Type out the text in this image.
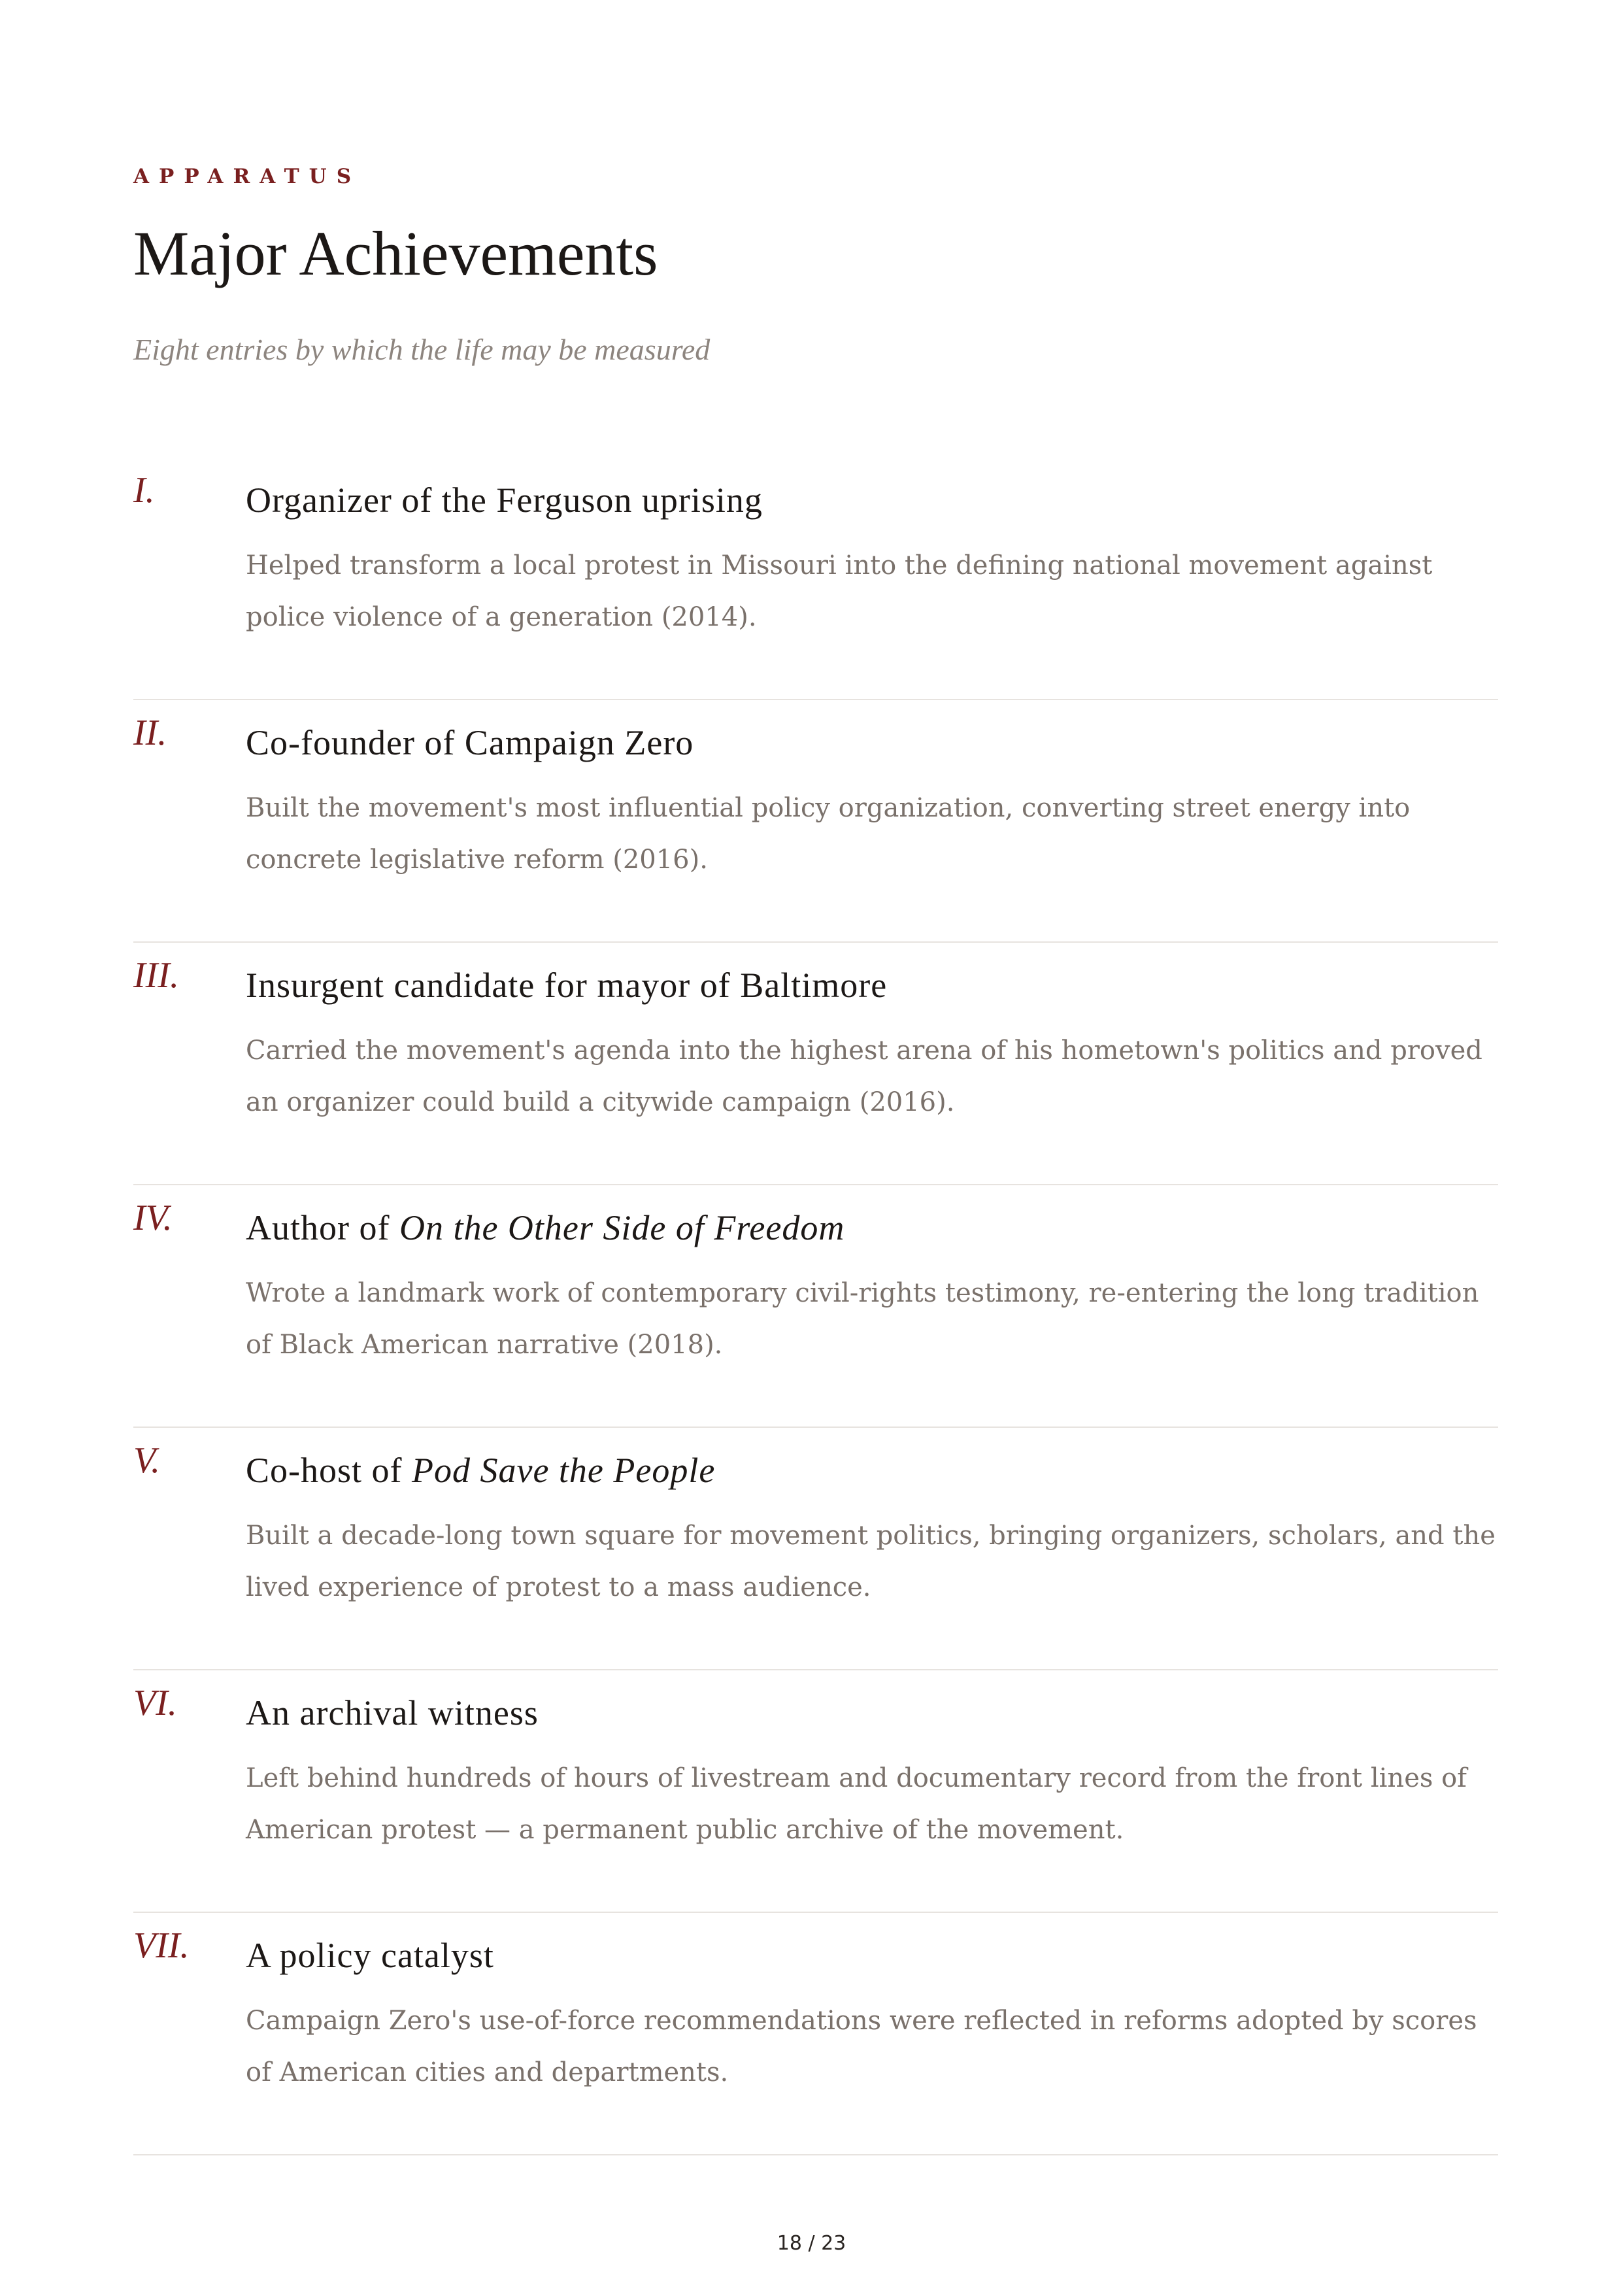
APPARATUS
Major Achievements
Eight entries by which the life may be measured
I.	Organizer of the Ferguson uprising

Helped transform a local protest in Missouri into the defining national movement against police violence of a generation (2014).

II. Co-founder of Campaign Zero

Built the movement's most influential policy organization, converting street energy into concrete legislative reform (2016).

III. Insurgent candidate for mayor of Baltimore

Carried the movement's agenda into the highest arena of his hometown's politics and proved an organizer could build a citywide campaign (2016).

IV. Author of On the Other Side of Freedom

Wrote a landmark work of contemporary civil-rights testimony, re-entering the long tradition of Black American narrative (2018).

V. Co-host of Pod Save the People

Built a decade-long town square for movement politics, bringing organizers, scholars, and the lived experience of protest to a mass audience.

VI. An archival witness

Left behind hundreds of hours of livestream and documentary record from the front lines of American protest — a permanent public archive of the movement.

VII. A policy catalyst

Campaign Zero's use-of-force recommendations were reflected in reforms adopted by scores of American cities and departments.

18 / 23
